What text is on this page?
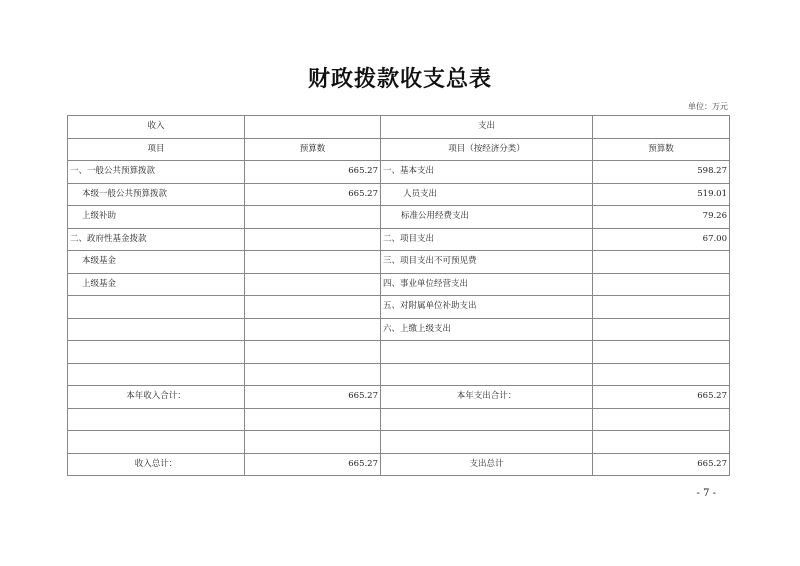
财政拨款收支总表
单位：万元
收入		支出	
项目	预算数	项目（按经济分类）	预算数
一、一般公共预算拨款	665.27	一、基本支出	598.27
本级一般公共预算拨款	665.27	人员支出	519.01
上级补助		标准公用经费支出	79.26
二、政府性基金拨款		二、项目支出	67.00
本级基金		三、项目支出不可预见费	
上级基金		四、事业单位经营支出	
		五、对附属单位补助支出	
		六、上缴上级支出	

本年收入合计：	665.27	本年支出合计：	665.27

收入总计：	665.27	支出总计	665.27
- 7 -
